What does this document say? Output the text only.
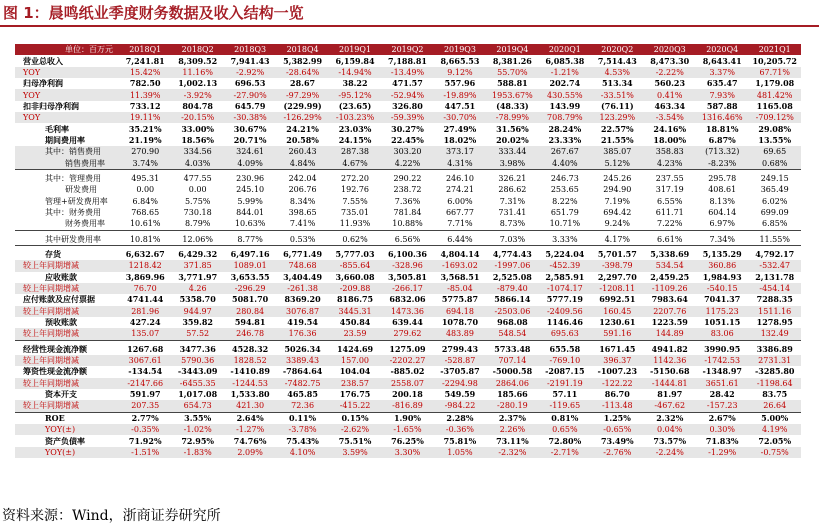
图 1：晨鸣纸业季度财务数据及收入结构一览
单位：百万元	2018Q1	2018Q2	2018Q3	2018Q4	2019Q1	2019Q2	2019Q3	2019Q4	2020Q1	2020Q2	2020Q3	2020Q4	2021Q1
营业总收入	7,241.81	8,309.52	7,941.43	5,382.99	6,159.84	7,188.81	8,665.53	8,381.26	6,085.38	7,514.43	8,473.30	8,643.41	10,205.72
YOY	15.42%	11.16%	-2.92%	-28.64%	-14.94%	-13.49%	9.12%	55.70%	-1.21%	4.53%	-2.22%	3.37%	67.71%
归母净利润	782.50	1,002.13	696.53	28.67	38.22	471.57	557.96	588.81	202.74	513.34	560.23	635.47	1,179.08
YOY	11.39%	-3.92%	-27.90%	-97.29%	-95.12%	-52.94%	-19.89%	1953.67%	430.55%	-33.51%	0.41%	7.93%	481.42%
扣非归母净利润	733.12	804.78	645.79	(229.99)	(23.65)	326.80	447.51	(48.33)	143.99	(76.11)	463.34	587.88	1165.08
YOY	19.11%	-20.15%	-30.38%	-126.29%	-103.23%	-59.39%	-30.70%	-78.99%	708.79%	123.29%	-3.54%	1316.46%	-709.12%
毛利率	35.21%	33.00%	30.67%	24.21%	23.03%	30.27%	27.49%	31.56%	28.24%	22.57%	24.16%	18.81%	29.08%
期间费用率	21.19%	18.56%	20.71%	20.58%	24.15%	22.45%	18.02%	20.02%	23.33%	21.55%	18.00%	6.87%	13.55%
其中：销售费用	270.90	334.56	324.61	260.43	287.38	303.20	373.17	333.44	267.67	385.07	358.83	(713.32)	69.65
销售费用率	3.74%	4.03%	4.09%	4.84%	4.67%	4.22%	4.31%	3.98%	4.40%	5.12%	4.23%	-8.23%	0.68%

其中：管理费用	495.31	477.55	230.96	242.04	272.20	290.22	246.10	326.21	246.73	245.26	237.55	295.78	249.15
研发费用	0.00	0.00	245.10	206.76	192.76	238.72	274.21	286.62	253.65	294.90	317.19	408.61	365.49
管理+研发费用率	6.84%	5.75%	5.99%	8.34%	7.55%	7.36%	6.00%	7.31%	8.22%	7.19%	6.55%	8.13%	6.02%
其中：财务费用	768.65	730.18	844.01	398.65	735.01	781.84	667.77	731.41	651.79	694.42	611.71	604.14	699.09
财务费用率	10.61%	8.79%	10.63%	7.41%	11.93%	10.88%	7.71%	8.73%	10.71%	9.24%	7.22%	6.97%	6.85%

其中研发费用率	10.81%	12.06%	8.77%	0.53%	0.62%	6.56%	6.44%	7.03%	3.33%	4.17%	6.61%	7.34%	11.55%

存货	6,632.67	6,429.32	6,497.16	6,771.49	5,777.03	6,100.36	4,804.14	4,774.43	5,224.04	5,701.57	5,338.69	5,135.29	4,792.17
较上年同期增减	1218.42	371.85	1089.01	748.68	-855.64	-328.96	-1693.02	-1997.06	-452.39	-398.79	534.54	360.86	-532.47
应收账款	3,869.96	3,771.97	3,653.55	3,404.49	3,660.08	3,505.81	3,568.51	2,525.08	2,585.91	2,297.70	2,459.25	1,984.93	2,131.78
较上年同期增减	76.70	4.26	-296.29	-261.38	-209.88	-266.17	-85.04	-879.40	-1074.17	-1208.11	-1109.26	-540.15	-454.14
应付账款及应付票据	4741.44	5358.70	5081.70	8369.20	8186.75	6832.06	5775.87	5866.14	5777.19	6992.51	7983.64	7041.37	7288.35
较上年同期增减	281.96	944.97	280.84	3076.87	3445.31	1473.36	694.18	-2503.06	-2409.56	160.45	2207.76	1175.23	1511.16
预收账款	427.24	359.82	594.81	419.54	450.84	639.44	1078.70	968.08	1146.46	1230.61	1223.59	1051.15	1278.95
较上年同期增减	135.07	57.52	246.78	176.36	23.59	279.62	483.89	548.54	695.63	591.16	144.89	83.06	132.49

经营性现金流净额	1267.68	3477.36	4528.32	5026.34	1424.69	1275.09	2799.43	5733.48	655.58	1671.45	4941.82	3990.95	3386.89
较上年同期增减	3067.61	5790.36	1828.52	3389.43	157.00	-2202.27	-528.87	707.14	-769.10	396.37	1142.36	-1742.53	2731.31
筹资性现金流净额	-134.54	-3443.09	-1410.89	-7864.64	104.04	-885.02	-3705.87	-5000.58	-2087.15	-1007.23	-5150.68	-1348.97	-3285.80
较上年同期增减	-2147.66	-6455.35	-1244.53	-7482.75	238.57	2558.07	-2294.98	2864.06	-2191.19	-122.22	-1444.81	3651.61	-1198.64
资本开支	591.97	1,017.08	1,533.80	465.85	176.75	200.18	549.59	185.66	57.11	86.70	81.97	28.42	83.75
较上年同期增减	207.35	654.73	421.30	72.36	-415.22	-816.89	-984.22	-280.19	-119.65	-113.48	-467.62	-157.23	26.64
ROE	2.77%	3.55%	2.64%	0.11%	0.15%	1.90%	2.28%	2.37%	0.81%	1.25%	2.32%	2.67%	5.00%
YOY(±)	-0.35%	-1.02%	-1.27%	-3.78%	-2.62%	-1.65%	-0.36%	2.26%	0.65%	-0.65%	0.04%	0.30%	4.19%
资产负债率	71.92%	72.95%	74.76%	75.43%	75.51%	76.25%	75.81%	73.11%	72.80%	73.49%	73.57%	71.83%	72.05%
YOY(±)	-1.51%	-1.83%	2.09%	4.10%	3.59%	3.30%	1.05%	-2.32%	-2.71%	-2.76%	-2.24%	-1.29%	-0.75%
资料来源：Wind，浙商证券研究所
